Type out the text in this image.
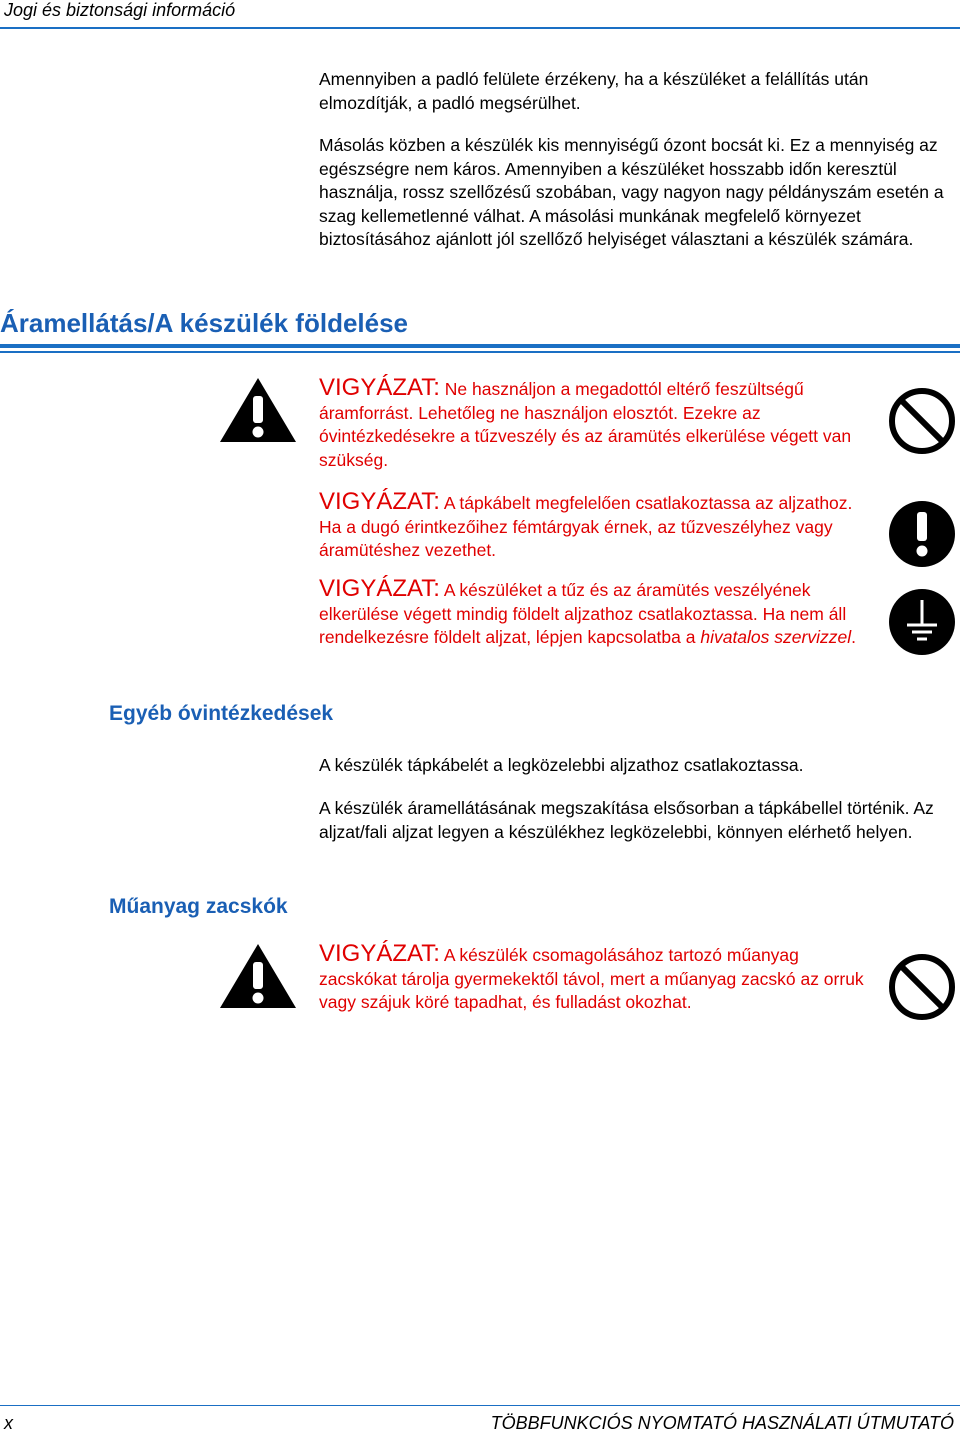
Jogi és biztonsági információ
Amennyiben a padló felülete érzékeny, ha a készüléket a felállítás után elmozdítják, a padló megsérülhet.
Másolás közben a készülék kis mennyiségű ózont bocsát ki. Ez a mennyiség az egészségre nem káros. Amennyiben a készüléket hosszabb időn keresztül használja, rossz szellőzésű szobában, vagy nagyon nagy példányszám esetén a szag kellemetlenné válhat. A másolási munkának megfelelő környezet biztosításához ajánlott jól szellőző helyiséget választani a készülék számára.
Áramellátás/A készülék földelése
VIGYÁZAT: Ne használjon a megadottól eltérő feszültségű áramforrást. Lehetőleg ne használjon elosztót. Ezekre az óvintézkedésekre a tűzveszély és az áramütés elkerülése végett van szükség.
VIGYÁZAT: A tápkábelt megfelelően csatlakoztassa az aljzathoz. Ha a dugó érintkezőihez fémtárgyak érnek, az tűzveszélyhez vagy áramütéshez vezethet.
VIGYÁZAT: A készüléket a tűz és az áramütés veszélyének elkerülése végett mindig földelt aljzathoz csatlakoztassa. Ha nem áll rendelkezésre földelt aljzat, lépjen kapcsolatba a hivatalos szervizzel.
Egyéb óvintézkedések
A készülék tápkábelét a legközelebbi aljzathoz csatlakoztassa.
A készülék áramellátásának megszakítása elsősorban a tápkábellel történik. Az aljzat/fali aljzat legyen a készülékhez legközelebbi, könnyen elérhető helyen.
Műanyag zacskók
VIGYÁZAT: A készülék csomagolásához tartozó műanyag zacskókat tárolja gyermekektől távol, mert a műanyag zacskó az orruk vagy szájuk köré tapadhat, és fulladást okozhat.
x	TÖBBFUNKCIÓS NYOMTATÓ HASZNÁLATI ÚTMUTATÓ
